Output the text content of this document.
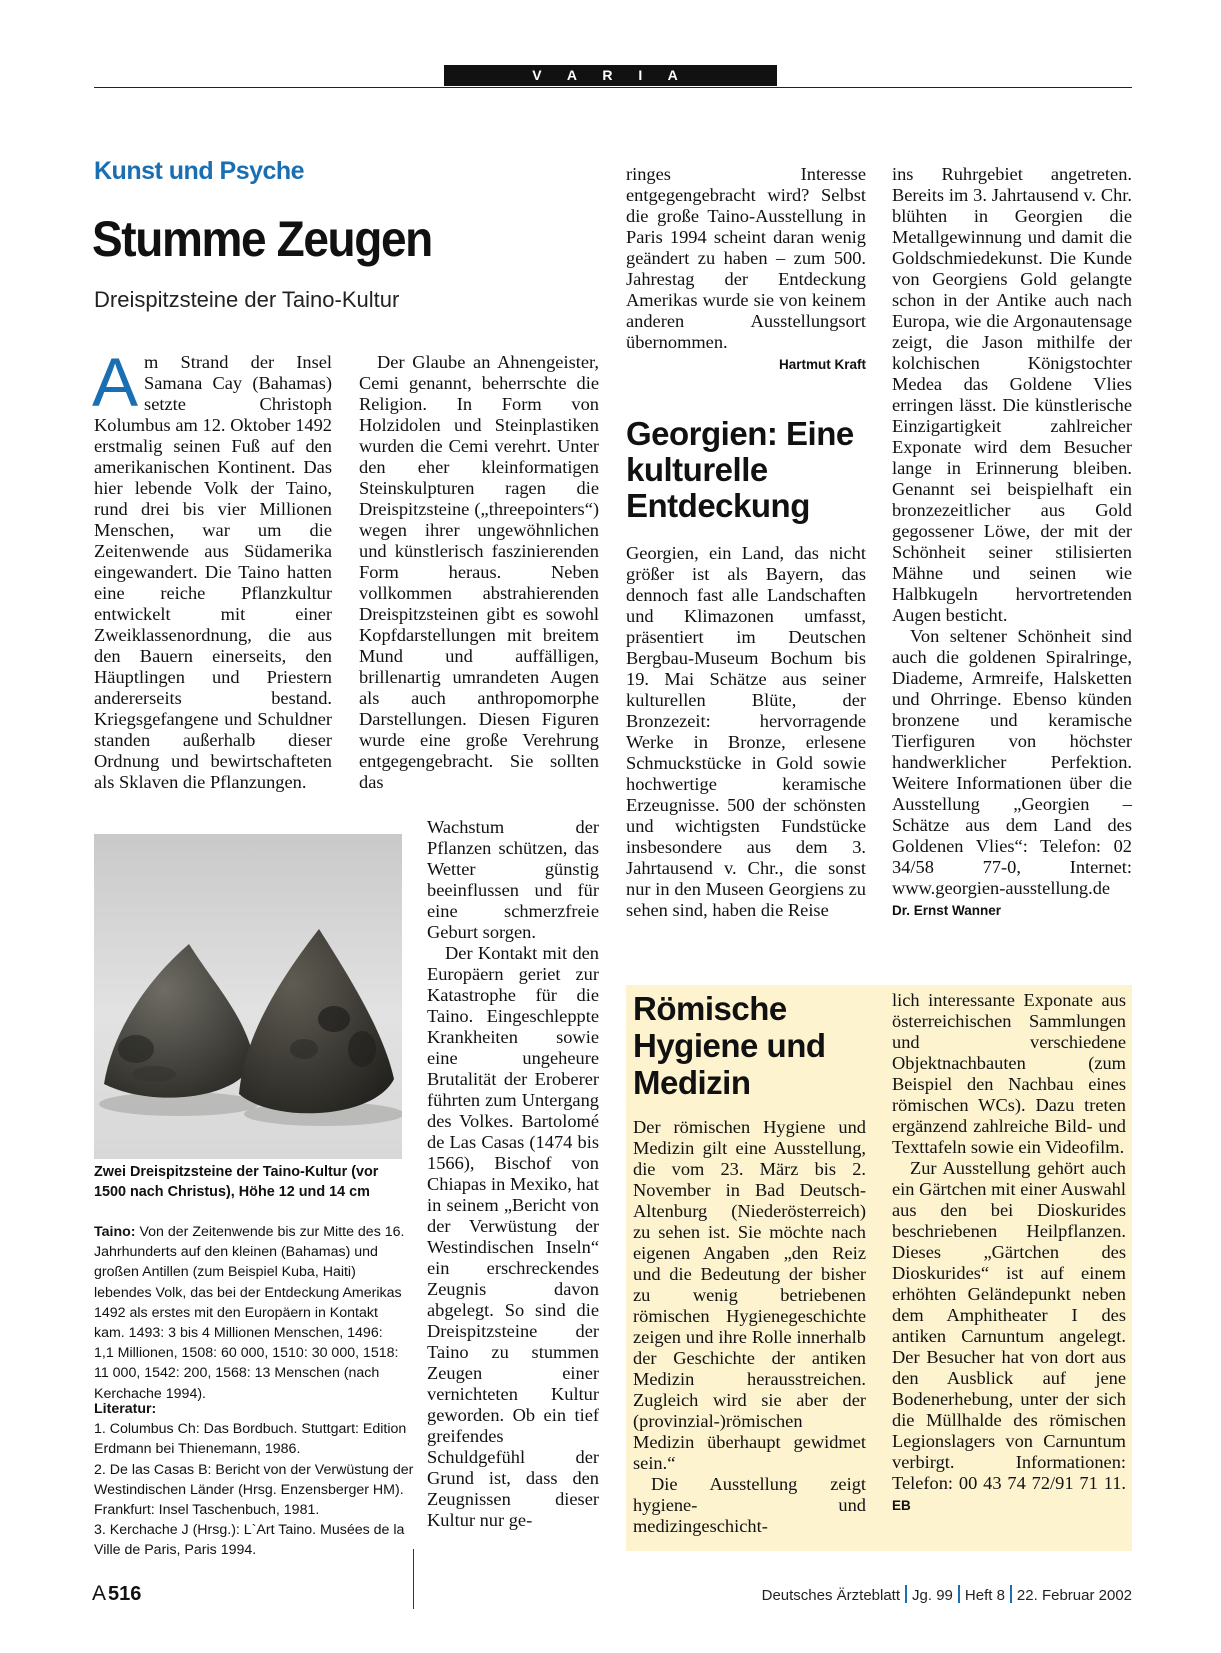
V A R I A
Kunst und Psyche
Stumme Zeugen
Dreispitzsteine der Taino-Kultur

Am Strand der Insel Samana Cay (Bahamas) setzte Christoph Kolumbus am 12. Oktober 1492 erstmalig seinen Fuß auf den amerikanischen Kontinent. Das hier lebende Volk der Taino, rund drei bis vier Millionen Menschen, war um die Zeitenwende aus Südamerika eingewandert. Die Taino hatten eine reiche Pflanzkultur entwickelt mit einer Zweiklassenordnung, die aus den Bauern einerseits, den Häuptlingen und Priestern andererseits bestand. Kriegsgefangene und Schuldner standen außerhalb dieser Ordnung und bewirtschafteten als Sklaven die Pflanzungen.

Zwei Dreispitzsteine der Taino-Kultur (vor 1500 nach Christus), Höhe 12 und 14 cm
Taino: Von der Zeitenwende bis zur Mitte des 16. Jahrhunderts auf den kleinen (Bahamas) und großen Antillen (zum Beispiel Kuba, Haiti) lebendes Volk, das bei der Entdeckung Amerikas 1492 als erstes mit den Europäern in Kontakt kam. 1493: 3 bis 4 Millionen Menschen, 1496: 1,1 Millionen, 1508: 60 000, 1510: 30 000, 1518: 11 000, 1542: 200, 1568: 13 Menschen (nach Kerchache 1994).
Literatur:
1. Columbus Ch: Das Bordbuch. Stuttgart: Edition Erdmann bei Thienemann, 1986.
2. De las Casas B: Bericht von der Verwüstung der Westindischen Länder (Hrsg. Enzensberger HM). Frankfurt: Insel Taschenbuch, 1981.
3. Kerchache J (Hrsg.): L`Art Taino. Musées de la Ville de Paris, Paris 1994.

Der Glaube an Ahnengeister, Cemi genannt, beherrschte die Religion. In Form von Holzidolen und Steinplastiken wurden die Cemi verehrt. Unter den eher kleinformatigen Steinskulpturen ragen die Dreispitzsteine („threepointers“) wegen ihrer ungewöhnlichen und künstlerisch faszinierenden Form heraus. Neben vollkommen abstrahierenden Dreispitzsteinen gibt es sowohl Kopfdarstellungen mit breitem Mund und auffälligen, brillenartig umrandeten Augen als auch anthropomorphe Darstellungen. Diesen Figuren wurde eine große Verehrung entgegengebracht. Sie sollten das

Wachstum der Pflanzen schützen, das Wetter günstig beeinflussen und für eine schmerzfreie Geburt sorgen.

Der Kontakt mit den Europäern geriet zur Katastrophe für die Taino. Eingeschleppte Krankheiten sowie eine ungeheure Brutalität der Eroberer führten zum Untergang des Volkes. Bartolomé de Las Casas (1474 bis 1566), Bischof von Chiapas in Mexiko, hat in seinem „Bericht von der Verwüstung der Westindischen Inseln“ ein erschreckendes Zeugnis davon abgelegt. So sind die Dreispitzsteine der Taino zu stummen Zeugen einer vernichteten Kultur geworden. Ob ein tief greifendes Schuldgefühl der Grund ist, dass den Zeugnissen dieser Kultur nur ge-

ringes Interesse entgegengebracht wird? Selbst die große Taino-Ausstellung in Paris 1994 scheint daran wenig geändert zu haben – zum 500. Jahrestag der Entdeckung Amerikas wurde sie von keinem anderen Ausstellungsort übernommen.

Hartmut Kraft
Georgien: Eine kulturelle Entdeckung

Georgien, ein Land, das nicht größer ist als Bayern, das dennoch fast alle Landschaften und Klimazonen umfasst, präsentiert im Deutschen Bergbau-Museum Bochum bis 19. Mai Schätze aus seiner kulturellen Blüte, der Bronzezeit: hervorragende Werke in Bronze, erlesene Schmuckstücke in Gold sowie hochwertige keramische Erzeugnisse. 500 der schönsten und wichtigsten Fundstücke insbesondere aus dem 3. Jahrtausend v. Chr., die sonst nur in den Museen Georgiens zu sehen sind, haben die Reise

ins Ruhrgebiet angetreten. Bereits im 3. Jahrtausend v. Chr. blühten in Georgien die Metallgewinnung und damit die Goldschmiedekunst. Die Kunde von Georgiens Gold gelangte schon in der Antike auch nach Europa, wie die Argonautensage zeigt, die Jason mithilfe der kolchischen Königstochter Medea das Goldene Vlies erringen lässt. Die künstlerische Einzigartigkeit zahlreicher Exponate wird dem Besucher lange in Erinnerung bleiben. Genannt sei beispielhaft ein bronzezeitlicher aus Gold gegossener Löwe, der mit der Schönheit seiner stilisierten Mähne und seinen wie Halbkugeln hervortretenden Augen besticht.

Von seltener Schönheit sind auch die goldenen Spiralringe, Diademe, Armreife, Halsketten und Ohrringe. Ebenso künden bronzene und keramische Tierfiguren von höchster handwerklicher Perfektion. Weitere Informationen über die Ausstellung „Georgien – Schätze aus dem Land des Goldenen Vlies“: Telefon: 02 34/58 77-0, Internet: www.georgien-ausstellung.de Dr. Ernst Wanner

Römische Hygiene und Medizin

Der römischen Hygiene und Medizin gilt eine Ausstellung, die vom 23. März bis 2. November in Bad Deutsch-Altenburg (Niederösterreich) zu sehen ist. Sie möchte nach eigenen Angaben „den Reiz und die Bedeutung der bisher zu wenig betriebenen römischen Hygienegeschichte zeigen und ihre Rolle innerhalb der Geschichte der antiken Medizin herausstreichen. Zugleich wird sie aber der (provinzial-)römischen Medizin überhaupt gewidmet sein.“

Die Ausstellung zeigt hygiene- und medizingeschicht-

lich interessante Exponate aus österreichischen Sammlungen und verschiedene Objektnachbauten (zum Beispiel den Nachbau eines römischen WCs). Dazu treten ergänzend zahlreiche Bild- und Texttafeln sowie ein Videofilm.

Zur Ausstellung gehört auch ein Gärtchen mit einer Auswahl aus den bei Dioskurides beschriebenen Heilpflanzen. Dieses „Gärtchen des Dioskurides“ ist auf einem erhöhten Geländepunkt neben dem Amphitheater I des antiken Carnuntum angelegt. Der Besucher hat von dort aus den Ausblick auf jene Bodenerhebung, unter der sich die Müllhalde des römischen Legionslagers von Carnuntum verbirgt. Informationen: Telefon: 00 43 74 72/91 71 11. EB

A 516	Deutsches Ärzteblatt Jg. 99 Heft 8 22. Februar 2002
